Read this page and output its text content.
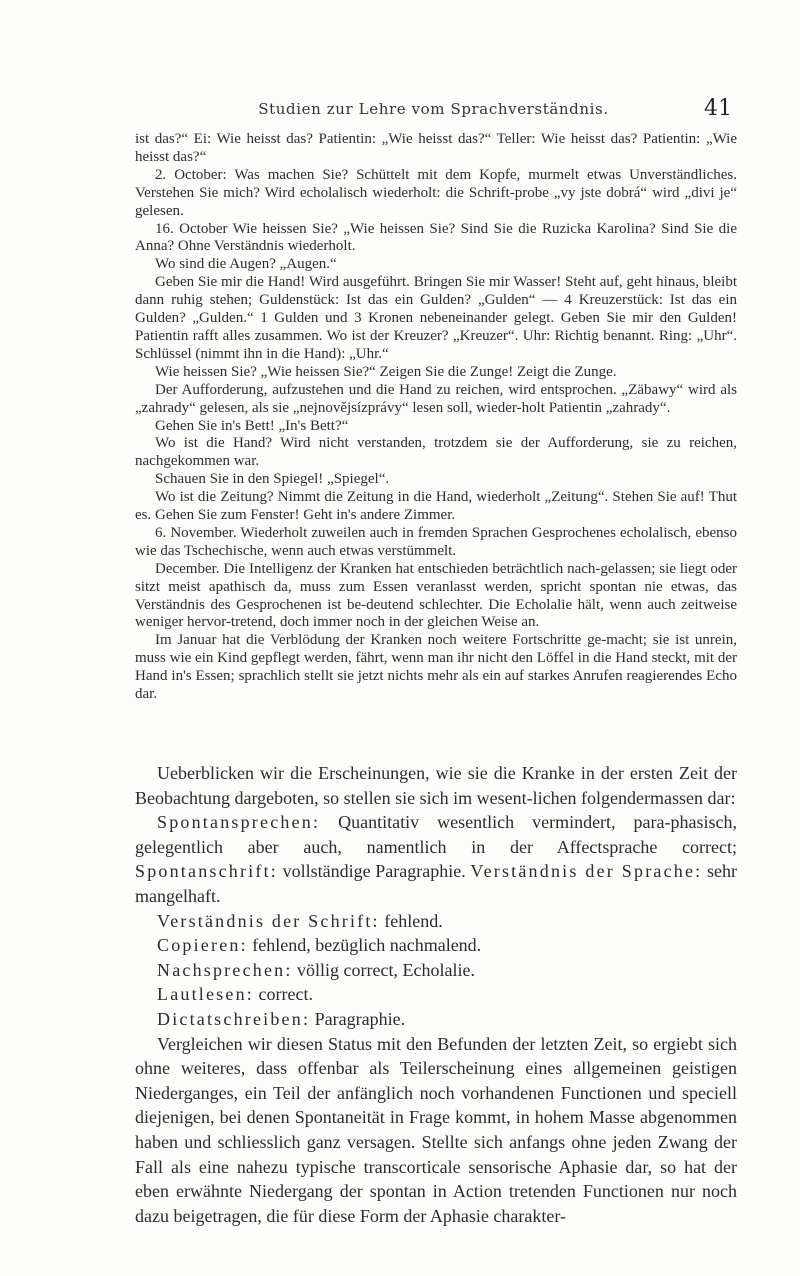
Studien zur Lehre vom Sprachverständnis.	41

ist das?“ Ei: Wie heisst das? Patientin: „Wie heisst das?“ Teller: Wie heisst das? Patientin: „Wie heisst das?“

2. October: Was machen Sie? Schüttelt mit dem Kopfe, murmelt etwas Unverständliches. Verstehen Sie mich? Wird echolalisch wiederholt: die Schrift-probe „vy jste dobrá“ wird „divi je“ gelesen.

16. October Wie heissen Sie? „Wie heissen Sie? Sind Sie die Ruzicka Karolina? Sind Sie die Anna? Ohne Verständnis wiederholt.

Wo sind die Augen? „Augen.“

Geben Sie mir die Hand! Wird ausgeführt. Bringen Sie mir Wasser! Steht auf, geht hinaus, bleibt dann ruhig stehen; Guldenstück: Ist das ein Gulden? „Gulden“ — 4 Kreuzerstück: Ist das ein Gulden? „Gulden.“ 1 Gulden und 3 Kronen nebeneinander gelegt. Geben Sie mir den Gulden! Patientin rafft alles zusammen. Wo ist der Kreuzer? „Kreuzer“. Uhr: Richtig benannt. Ring: „Uhr“. Schlüssel (nimmt ihn in die Hand): „Uhr.“

Wie heissen Sie? „Wie heissen Sie?“ Zeigen Sie die Zunge! Zeigt die Zunge.

Der Aufforderung, aufzustehen und die Hand zu reichen, wird entsprochen. „Zäbawy“ wird als „zahrady“ gelesen, als sie „nejnovějsízprávy“ lesen soll, wieder-holt Patientin „zahrady“.

Gehen Sie in's Bett! „In's Bett?“

Wo ist die Hand? Wird nicht verstanden, trotzdem sie der Aufforderung, sie zu reichen, nachgekommen war.

Schauen Sie in den Spiegel! „Spiegel“.

Wo ist die Zeitung? Nimmt die Zeitung in die Hand, wiederholt „Zeitung“. Stehen Sie auf! Thut es. Gehen Sie zum Fenster! Geht in's andere Zimmer.

6. November. Wiederholt zuweilen auch in fremden Sprachen Gesprochenes echolalisch, ebenso wie das Tschechische, wenn auch etwas verstümmelt.

December. Die Intelligenz der Kranken hat entschieden beträchtlich nach-gelassen; sie liegt oder sitzt meist apathisch da, muss zum Essen veranlasst werden, spricht spontan nie etwas, das Verständnis des Gesprochenen ist be-deutend schlechter. Die Echolalie hält, wenn auch zeitweise weniger hervor-tretend, doch immer noch in der gleichen Weise an.

Im Januar hat die Verblödung der Kranken noch weitere Fortschritte ge-macht; sie ist unrein, muss wie ein Kind gepflegt werden, fährt, wenn man ihr nicht den Löffel in die Hand steckt, mit der Hand in's Essen; sprachlich stellt sie jetzt nichts mehr als ein auf starkes Anrufen reagierendes Echo dar.

Ueberblicken wir die Erscheinungen, wie sie die Kranke in der ersten Zeit der Beobachtung dargeboten, so stellen sie sich im wesent-lichen folgendermassen dar:

Spontansprechen: Quantitativ wesentlich vermindert, para-phasisch, gelegentlich aber auch, namentlich in der Affectsprache correct; Spontanschrift: vollständige Paragraphie. Verständnis der Sprache: sehr mangelhaft.

Verständnis der Schrift: fehlend.

Copieren: fehlend, bezüglich nachmalend.

Nachsprechen: völlig correct, Echolalie.

Lautlesen: correct.

Dictatschreiben: Paragraphie.

Vergleichen wir diesen Status mit den Befunden der letzten Zeit, so ergiebt sich ohne weiteres, dass offenbar als Teilerscheinung eines allgemeinen geistigen Niederganges, ein Teil der anfänglich noch vorhandenen Functionen und speciell diejenigen, bei denen Spontaneität in Frage kommt, in hohem Masse abgenommen haben und schliesslich ganz versagen. Stellte sich anfangs ohne jeden Zwang der Fall als eine nahezu typische transcorticale sensorische Aphasie dar, so hat der eben erwähnte Niedergang der spontan in Action tretenden Functionen nur noch dazu beigetragen, die für diese Form der Aphasie charakter-
